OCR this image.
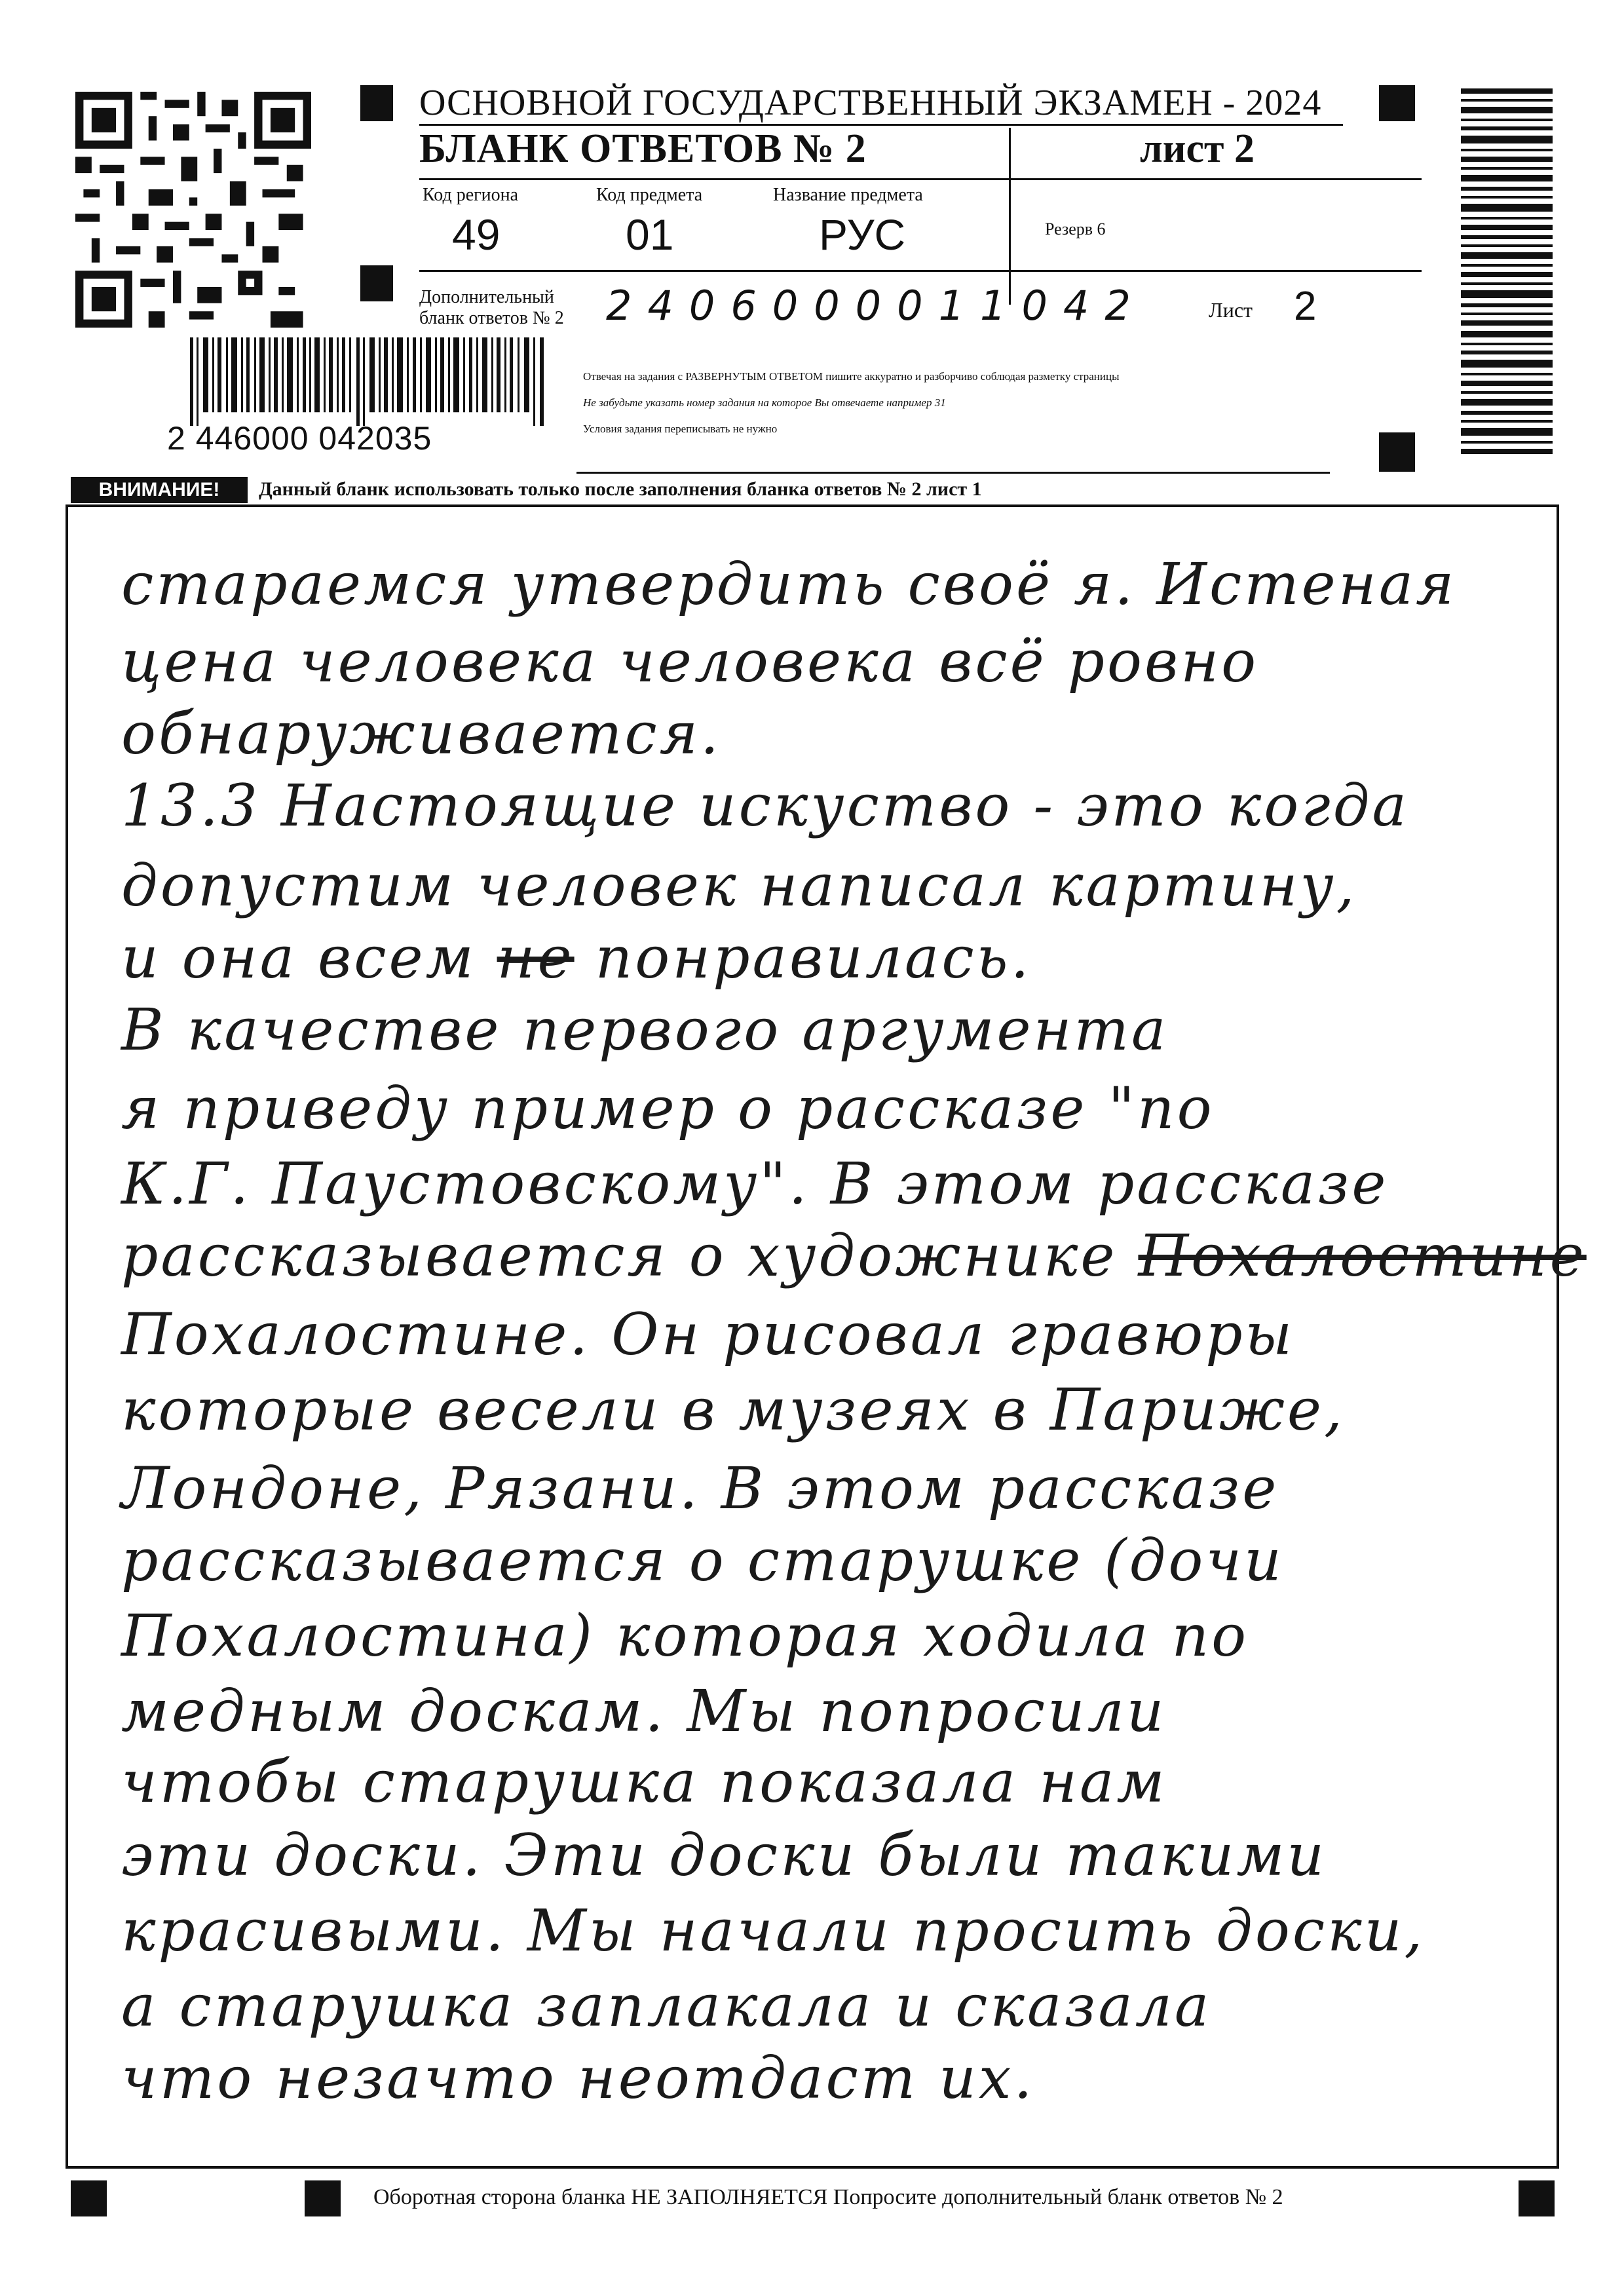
2 446000 042035
ОСНОВНОЙ ГОСУДАРСТВЕННЫЙ ЭКЗАМЕН - 2024
БЛАНК ОТВЕТОВ № 2	лист 2
Код региона
49
Код предмета
01
Название предмета
РУС	Резерв 6
Дополнительный
бланк ответов № 2 2406000011042	Лист 2
Отвечая на задания с РАЗВЕРНУТЫМ ОТВЕТОМ пишите аккуратно и разборчиво соблюдая разметку страницы
Не забудьте указать номер задания на которое Вы отвечаете например 31
Условия задания переписывать не нужно
ВНИМАНИЕ!	Данный бланк использовать только после заполнения бланка ответов № 2 лист 1
стараемся утвердить своё я. Истеная
цена человека человека всё ровно
обнаруживается.
13.3 Настоящие искуство - это когда
допустим человек написал картину,
и она всем не понравилась.
В качестве первого аргумента
я приведу пример о рассказе "по
К.Г. Паустовскому". В этом рассказе
рассказывается о художнике Похалостине
Похалостине. Он рисовал гравюры
которые весели в музеях в Париже,
Лондоне, Рязани. В этом рассказе
рассказывается о старушке (дочи
Похалостина) которая ходила по
медным доскам. Мы попросили
чтобы старушка показала нам
эти доски. Эти доски были такими
красивыми. Мы начали просить доски,
а старушка заплакала и сказала
что незачто неотдаст их.
Оборотная сторона бланка НЕ ЗАПОЛНЯЕТСЯ Попросите дополнительный бланк ответов № 2
